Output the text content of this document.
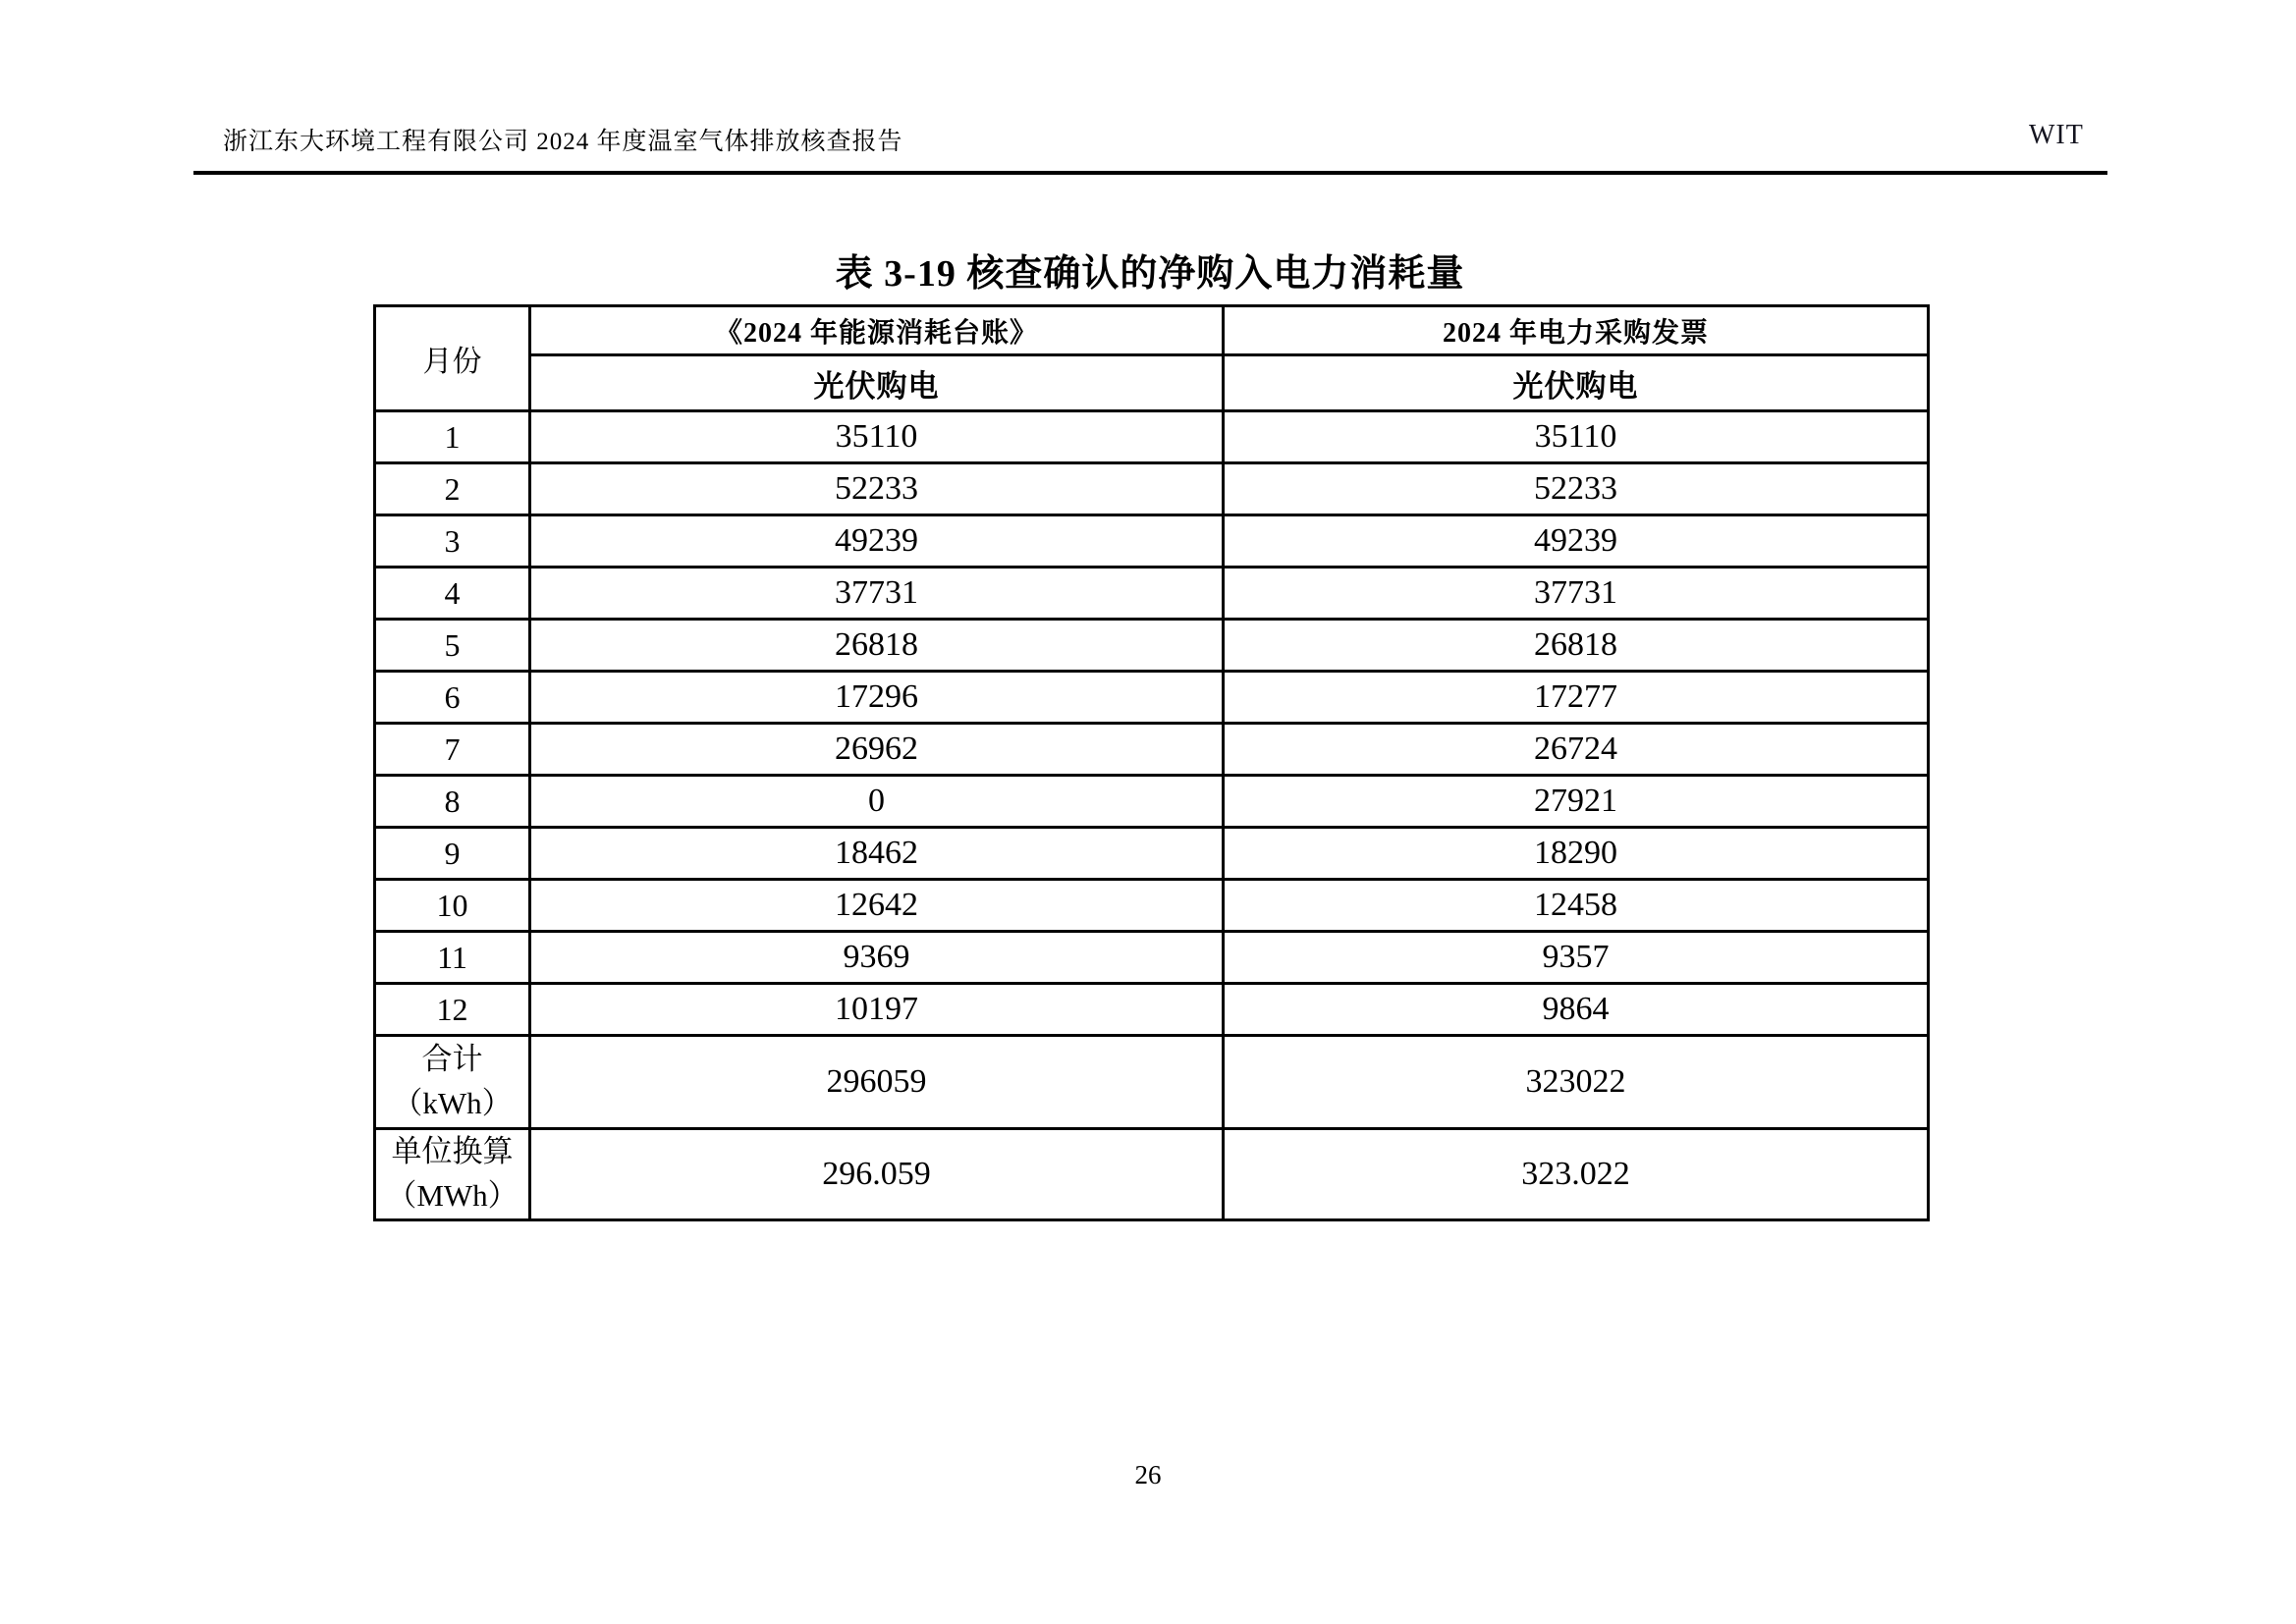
浙江东大环境工程有限公司 2024 年度温室气体排放核查报告	WIT
表 3-19 核查确认的净购入电力消耗量
月份	《2024 年能源消耗台账》	2024 年电力采购发票
	光伏购电	光伏购电
1	35110	35110
2	52233	52233
3	49239	49239
4	37731	37731
5	26818	26818
6	17296	17277
7	26962	26724
8	0	27921
9	18462	18290
10	12642	12458
11	9369	9357
12	10197	9864

合计
（kWh）	296059	323022

单位换算
（MWh）	296.059	323.022
26
